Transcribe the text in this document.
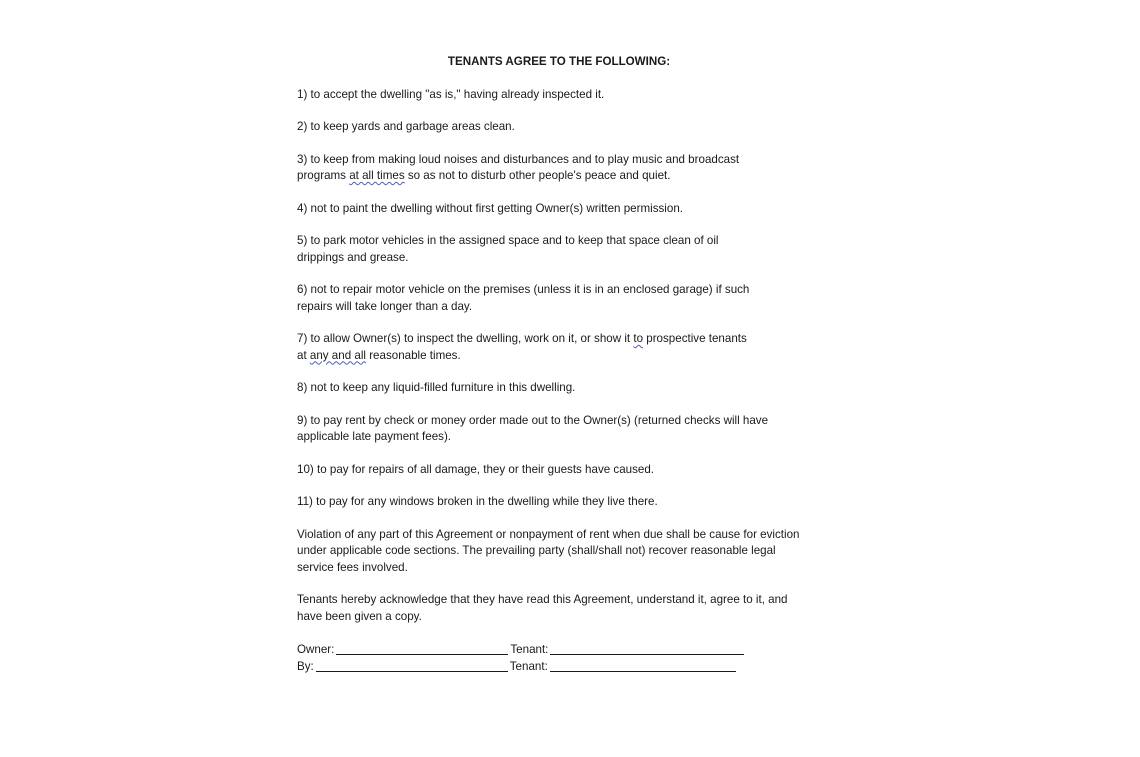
TENANTS AGREE TO THE FOLLOWING:
1) to accept the dwelling "as is," having already inspected it.
2) to keep yards and garbage areas clean.
3) to keep from making loud noises and disturbances and to play music and broadcast programs at all times so as not to disturb other people's peace and quiet.
4) not to paint the dwelling without first getting Owner(s) written permission.
5) to park motor vehicles in the assigned space and to keep that space clean of oil drippings and grease.
6) not to repair motor vehicle on the premises (unless it is in an enclosed garage) if such repairs will take longer than a day.
7) to allow Owner(s) to inspect the dwelling, work on it, or show it to prospective tenants at any and all reasonable times.
8) not to keep any liquid-filled furniture in this dwelling.
9) to pay rent by check or money order made out to the Owner(s) (returned checks will have applicable late payment fees).
10) to pay for repairs of all damage, they or their guests have caused.
11) to pay for any windows broken in the dwelling while they live there.
Violation of any part of this Agreement or nonpayment of rent when due shall be cause for eviction under applicable code sections. The prevailing party (shall/shall not) recover reasonable legal service fees involved.
Tenants hereby acknowledge that they have read this Agreement, understand it, agree to it, and have been given a copy.
Owner:	Tenant:
By:	Tenant:
